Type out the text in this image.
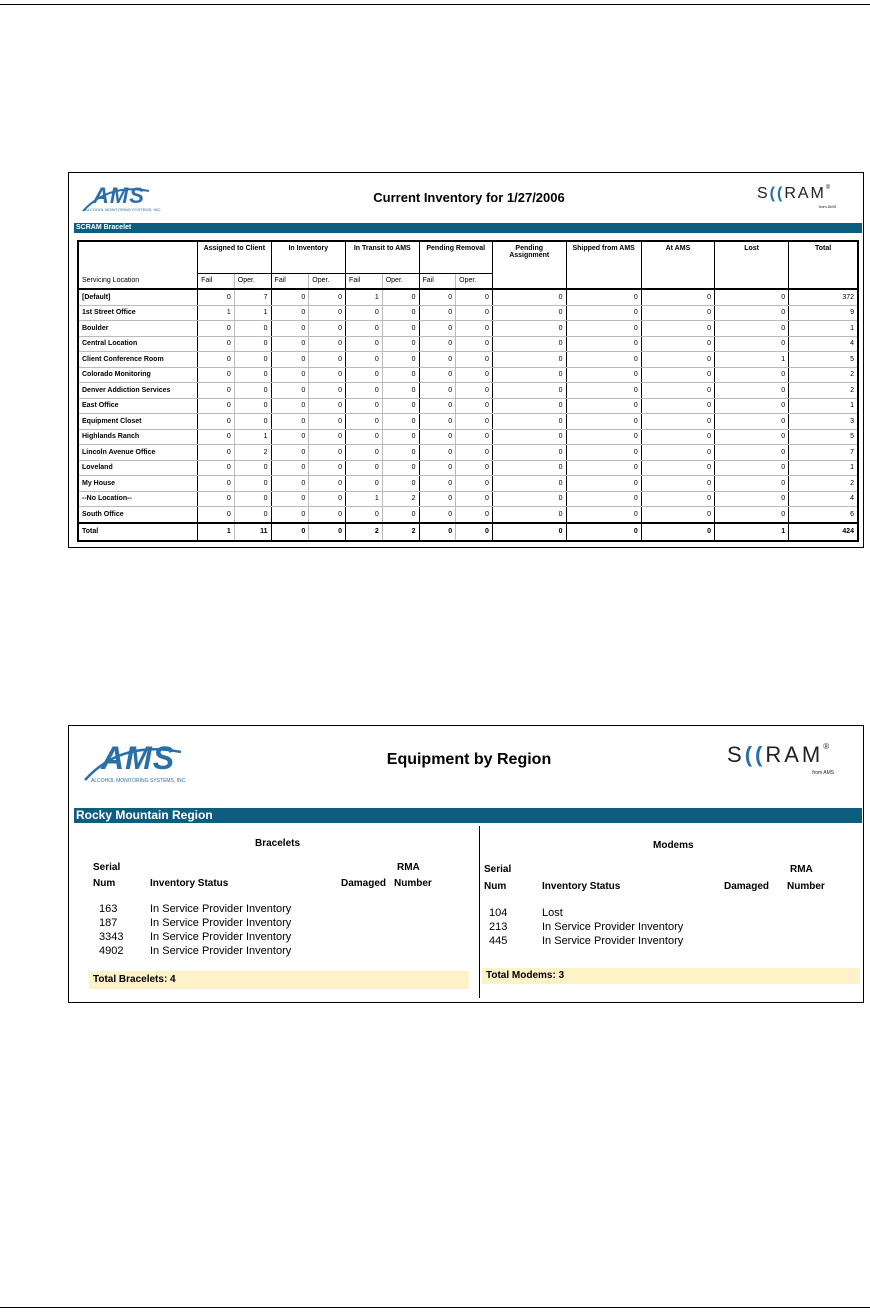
AMS
ALCOHOL MONITORING SYSTEMS, INC.
Current Inventory for 1/27/2006	S((RAM®
from AMS
SCRAM Bracelet
Servicing Location	Assigned to Client		In Inventory		In Transit to AMS		Pending Removal		Pending Assignment	Shipped from AMS	At AMS	Lost	Total
	Fail	Oper.	Fail	Oper.	Fail	Oper.	Fail	Oper.					
[Default]	0	7	0	0	1	0	0	0	0	0	0	0	372
1st Street Office	1	1	0	0	0	0	0	0	0	0	0	0	9
Boulder	0	0	0	0	0	0	0	0	0	0	0	0	1
Central Location	0	0	0	0	0	0	0	0	0	0	0	0	4
Client Conference Room	0	0	0	0	0	0	0	0	0	0	0	1	5
Colorado Monitoring	0	0	0	0	0	0	0	0	0	0	0	0	2
Denver Addiction Services	0	0	0	0	0	0	0	0	0	0	0	0	2
East Office	0	0	0	0	0	0	0	0	0	0	0	0	1
Equipment Closet	0	0	0	0	0	0	0	0	0	0	0	0	3
Highlands Ranch	0	1	0	0	0	0	0	0	0	0	0	0	5
Lincoln Avenue Office	0	2	0	0	0	0	0	0	0	0	0	0	7
Loveland	0	0	0	0	0	0	0	0	0	0	0	0	1
My House	0	0	0	0	0	0	0	0	0	0	0	0	2
--No Location--	0	0	0	0	1	2	0	0	0	0	0	0	4
South Office	0	0	0	0	0	0	0	0	0	0	0	0	6
Total	1	11	0	0	2	2	0	0	0	0	0	1	424
AMS
ALCOHOL MONITORING SYSTEMS, INC.
Equipment by Region	S((RAM®
from AMS
Rocky Mountain Region
Bracelets
Serial
Num	Inventory Status
RMA
Damaged Number
163	In Service Provider Inventory
187	In Service Provider Inventory
3343 In Service Provider Inventory
4902 In Service Provider Inventory
Total Bracelets: 4
Modems
Serial
Num	Inventory Status
RMA
Damaged Number
104	Lost
213	In Service Provider Inventory
445	In Service Provider Inventory
Total Modems: 3
